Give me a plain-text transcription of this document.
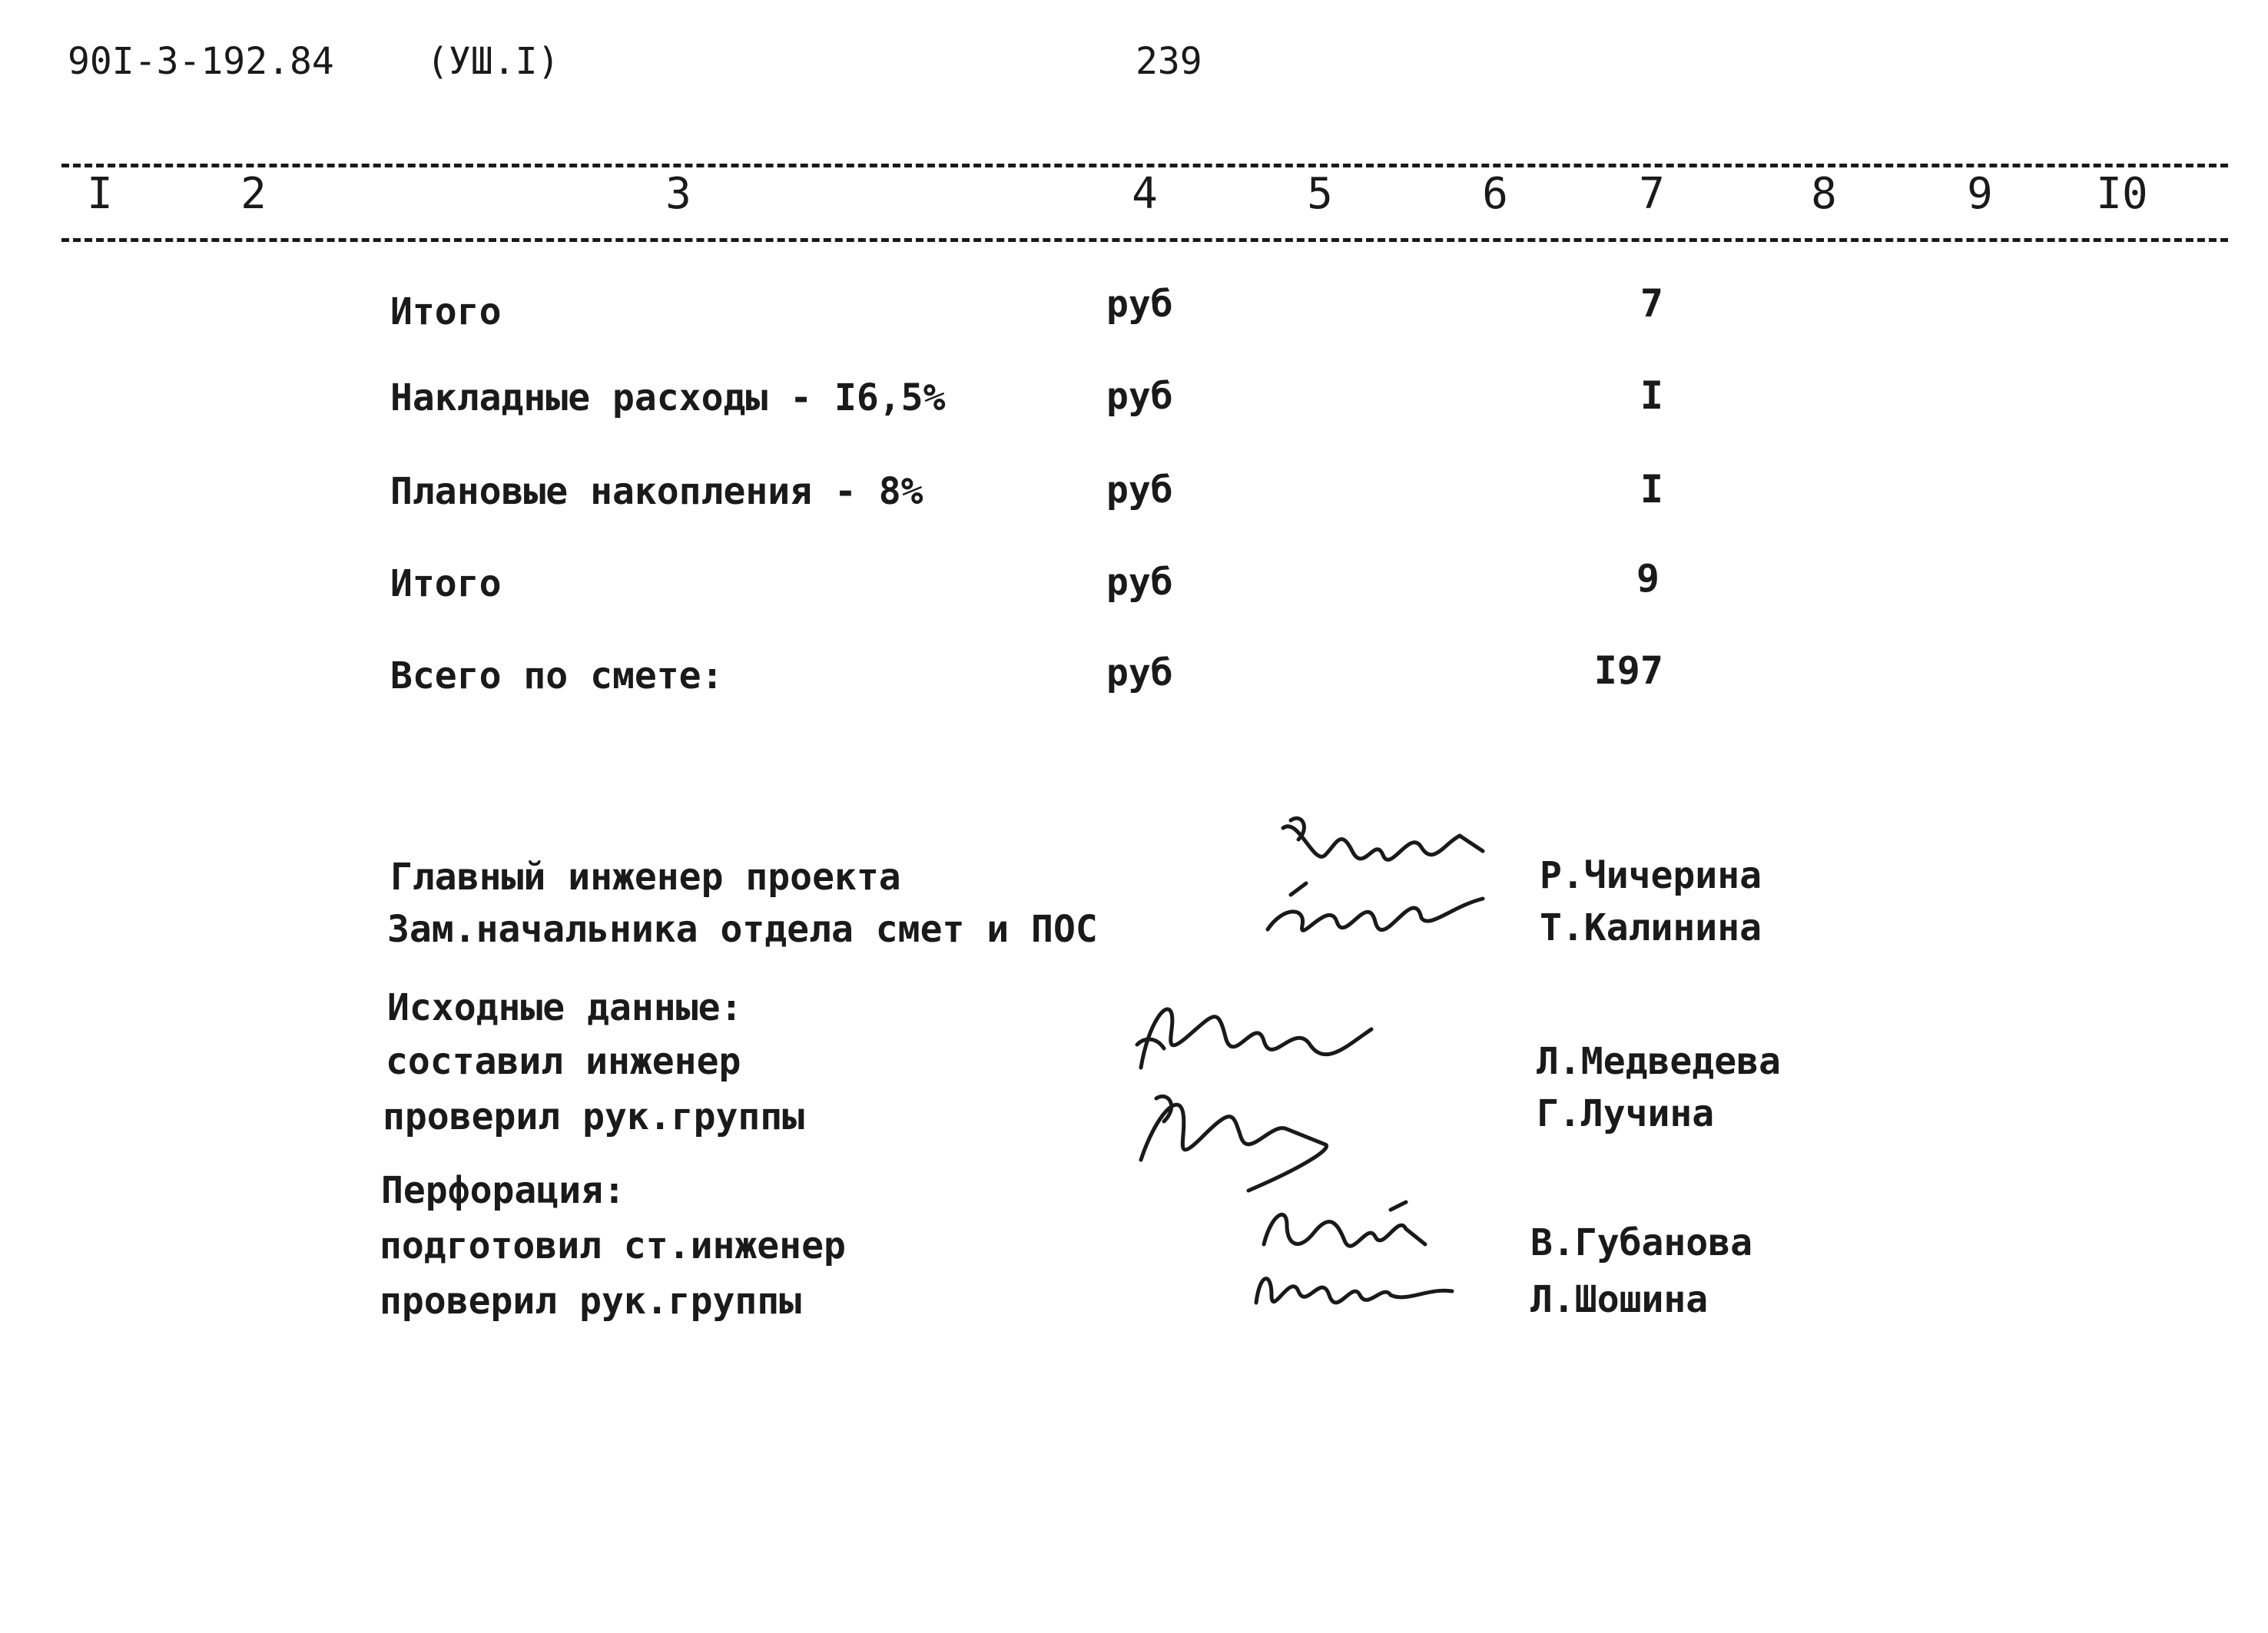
90I-3-192.84	(УШ.I)	239
I	2	3	4	5	6	7	8	9	I0
Итого	руб	7
Накладные расходы - I6,5%	руб	I
Плановые накопления - 8%	руб	I
Итого	руб	9
Всего по смете:	руб	I97
Главный инженер проекта	Р.Чичерина
Зам.начальника отдела смет и ПОС	Т.Калинина
Исходные данные:
составил инженер	Л.Медведева
проверил рук.группы	Г.Лучина
Перфорация:
подготовил ст.инженер	В.Губанова
проверил рук.группы	Л.Шошина
